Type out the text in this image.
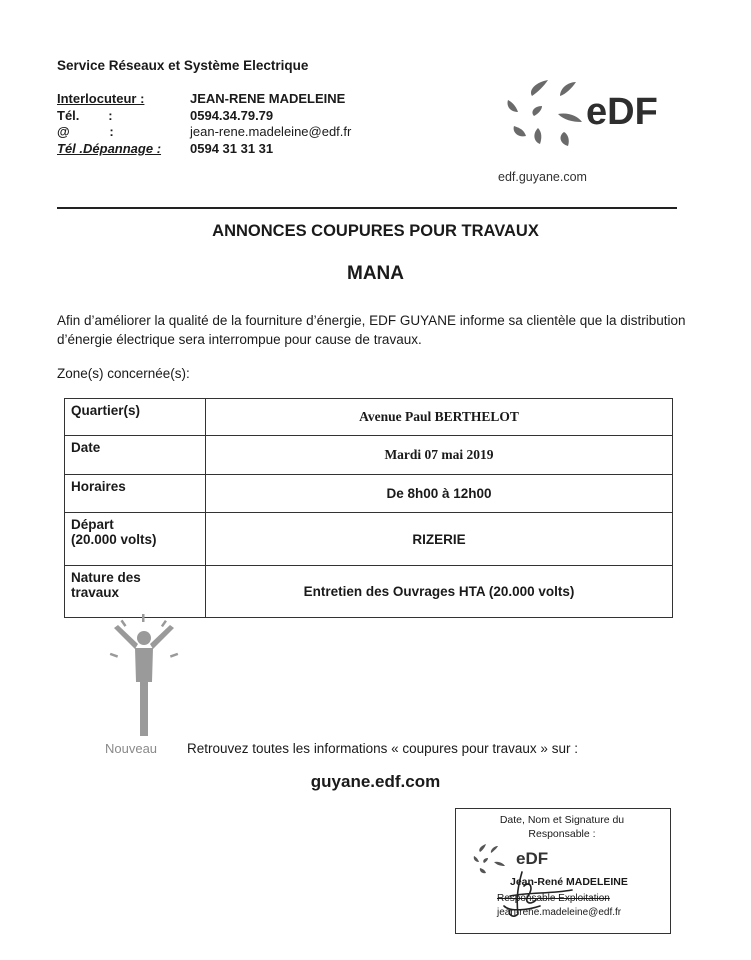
Service Réseaux et Système Electrique
Interlocuteur :	JEAN-RENE MADELEINE
Tél.        :	0594.34.79.79
@           :	jean-rene.madeleine@edf.fr
Tél .Dépannage : 0594 31 31 31
eDF
edf.guyane.com
ANNONCES COUPURES POUR TRAVAUX
MANA
Afin d’améliorer la qualité de la fourniture d’énergie, EDF GUYANE informe sa clientèle que la distribution d’énergie électrique sera interrompue pour cause de travaux.
Zone(s) concernée(s):
Quartier(s)	Avenue Paul BERTHELOT
Date	Mardi 07 mai 2019
Horaires	De 8h00 à 12h00

Départ
(20.000 volts)	RIZERIE

Nature des
travaux	Entretien des Ouvrages HTA (20.000 volts)
Nouveau Retrouvez toutes les informations « coupures pour travaux » sur :
guyane.edf.com
Date, Nom et Signature du
Responsable :
eDF
Jean-René MADELEINE
Responsable Exploitation
jean-rene.madeleine@edf.fr
